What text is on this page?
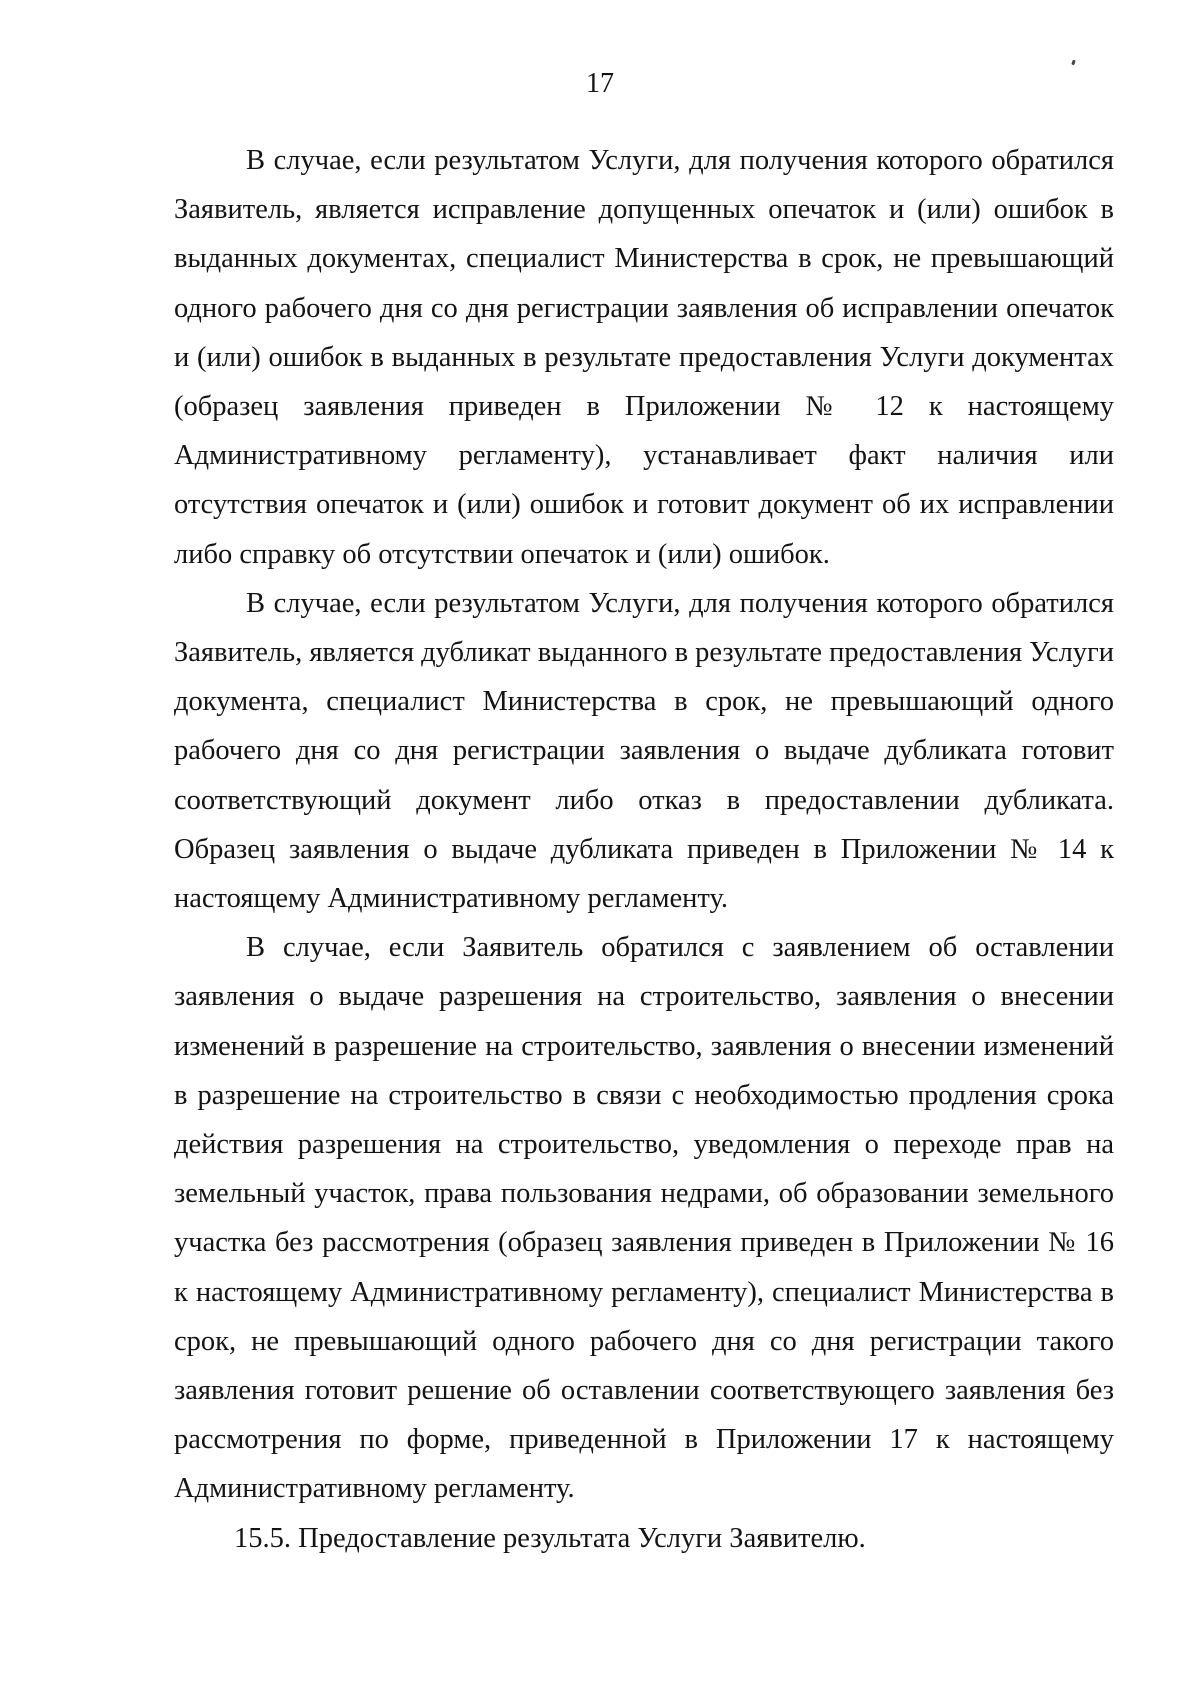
17

В случае, если результатом Услуги, для получения которого обратился Заявитель, является исправление допущенных опечаток и (или) ошибок в выданных документах, специалист Министерства в срок, не превышающий одного рабочего дня со дня регистрации заявления об исправлении опечаток и (или) ошибок в выданных в результате предоставления Услуги документах (образец заявления приведен в Приложении № 12 к настоящему Административному регламенту), устанавливает факт наличия или отсутствия опечаток и (или) ошибок и готовит документ об их исправлении либо справку об отсутствии опечаток и (или) ошибок.

В случае, если результатом Услуги, для получения которого обратился Заявитель, является дубликат выданного в результате предоставления Услуги документа, специалист Министерства в срок, не превышающий одного рабочего дня со дня регистрации заявления о выдаче дубликата готовит соответствующий документ либо отказ в предоставлении дубликата. Образец заявления о выдаче дубликата приведен в Приложении № 14 к настоящему Административному регламенту.

В случае, если Заявитель обратился с заявлением об оставлении заявления о выдаче разрешения на строительство, заявления о внесении изменений в разрешение на строительство, заявления о внесении изменений в разрешение на строительство в связи с необходимостью продления срока действия разрешения на строительство, уведомления о переходе прав на земельный участок, права пользования недрами, об образовании земельного участка без рассмотрения (образец заявления приведен в Приложении № 16 к настоящему Административному регламенту), специалист Министерства в срок, не превышающий одного рабочего дня со дня регистрации такого заявления готовит решение об оставлении соответствующего заявления без рассмотрения по форме, приведенной в Приложении 17 к настоящему Административному регламенту.

15.5. Предоставление результата Услуги Заявителю.
